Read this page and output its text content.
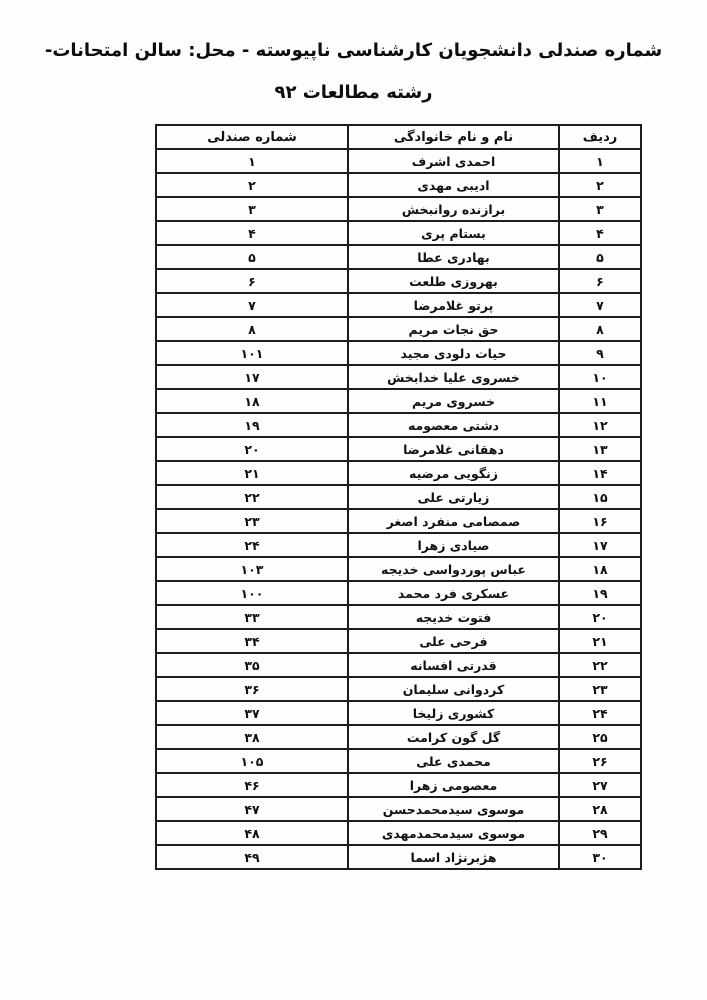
شماره صندلی دانشجویان کارشناسی ناپیوسته - محل: سالن امتحانات-
رشته مطالعات ۹۲
ردیف	نام و نام خانوادگی	شماره صندلی
۱	احمدی اشرف	۱
۲	ادیبی مهدی	۲
۳	برازنده روانبخش	۳
۴	بستام پری	۴
۵	بهادری عطا	۵
۶	بهروزی طلعت	۶
۷	پرتو غلامرضا	۷
۸	حق نجات مریم	۸
۹	حیات دلودی مجید	۱۰۱
۱۰	خسروی علیا خدابخش	۱۷
۱۱	خسروی مریم	۱۸
۱۲	دشتی معصومه	۱۹
۱۳	دهقانی غلامرضا	۲۰
۱۴	زنگویی مرضیه	۲۱
۱۵	زیارتی علی	۲۲
۱۶	صمصامی منفرد اصغر	۲۳
۱۷	صیادی زهرا	۲۴
۱۸	عباس پوردواسی خدیجه	۱۰۳
۱۹	عسکری فرد محمد	۱۰۰
۲۰	فتوت خدیجه	۳۳
۲۱	فرحی علی	۳۴
۲۲	قدرتی افسانه	۳۵
۲۳	کردوانی سلیمان	۳۶
۲۴	کشوری زلیخا	۳۷
۲۵	گل گون کرامت	۳۸
۲۶	محمدی علی	۱۰۵
۲۷	معصومی زهرا	۴۶
۲۸	موسوی سیدمحمدحسن	۴۷
۲۹	موسوی سیدمحمدمهدی	۴۸
۳۰	هژبرنژاد اسما	۴۹
